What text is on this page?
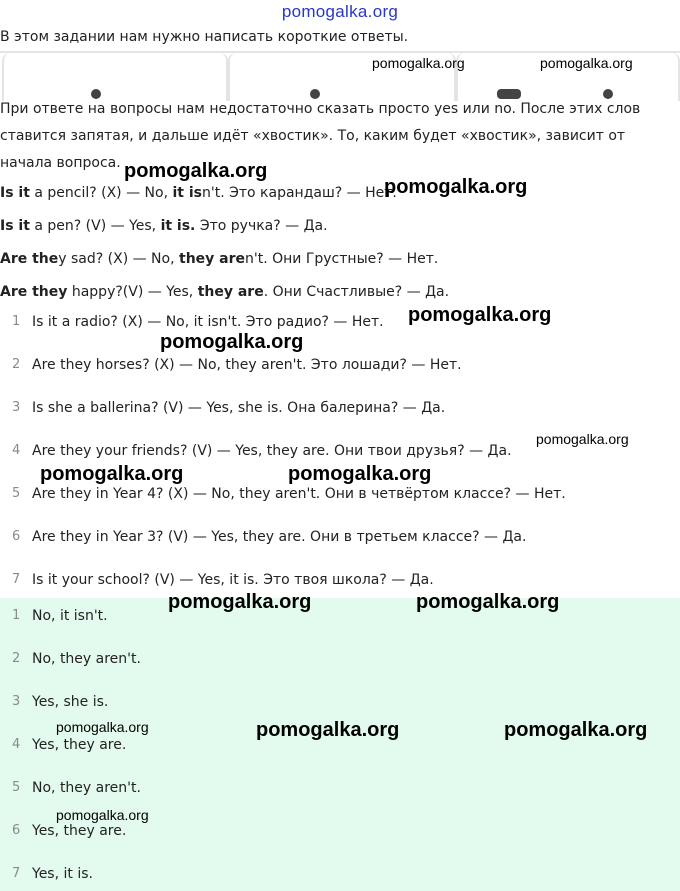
pomogalka.org
В этом задании нам нужно написать короткие ответы.

При ответе на вопросы нам недостаточно сказать просто yes или no. После этих слов ставится запятая, и дальше идёт «хвостик». То, каким будет «хвостик», зависит от начала вопроса.

Is it a pencil? (X) — No, it isn't. Это карандаш? — Нет.
Is it a pen? (V) — Yes, it is. Это ручка? — Да.
Are they sad? (X) — No, they aren't. Они Грустные? — Нет.
Are they happy?(V) — Yes, they are. Они Счастливые? — Да.
1 Is it a radio? (X) — No, it isn't. Это радио? — Нет.
2 Are they horses? (X) — No, they aren't. Это лошади? — Нет.
3 Is she a ballerina? (V) — Yes, she is. Она балерина? — Да.
4 Are they your friends? (V) — Yes, they are. Они твои друзья? — Да.
5 Are they in Year 4? (X) — No, they aren't. Они в четвёртом классе? — Нет.
6 Are they in Year 3? (V) — Yes, they are. Они в третьем классе? — Да.
7 Is it your school? (V) — Yes, it is. Это твоя школа? — Да.
1 No, it isn't.
2 No, they aren't.
3 Yes, she is.
4 Yes, they are.
5 No, they aren't.
6 Yes, they are.
7 Yes, it is.
pomogalka.org	pomogalka.org
pomogalka.org
pomogalka.org
pomogalka.org
pomogalka.org
pomogalka.org
pomogalka.org	pomogalka.org
pomogalka.org	pomogalka.org
pomogalka.org	pomogalka.org	pomogalka.org
pomogalka.org
